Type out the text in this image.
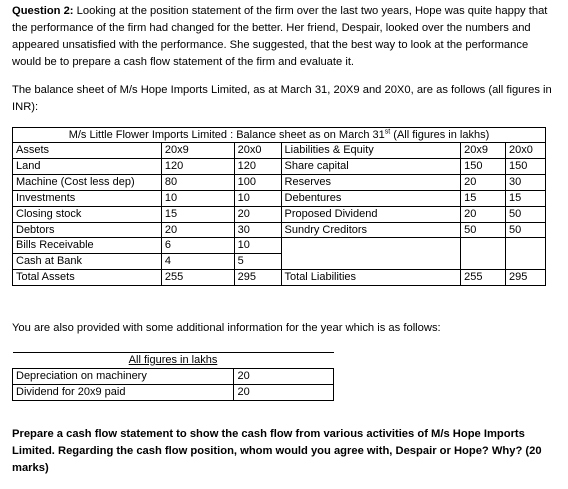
Question 2: Looking at the position statement of the firm over the last two years, Hope was quite happy that the performance of the firm had changed for the better. Her friend, Despair, looked over the numbers and appeared unsatisfied with the performance. She suggested, that the best way to look at the performance would be to prepare a cash flow statement of the firm and evaluate it.

The balance sheet of M/s Hope Imports Limited, as at March 31, 20X9 and 20X0, are as follows (all figures in INR):

M/s Little Flower Imports Limited : Balance sheet as on March 31st (All figures in lakhs)					
Assets	20x9	20x0	Liabilities & Equity	20x9	20x0
Land	120	120	Share capital	150	150
Machine (Cost less dep)	80	100	Reserves	20	30
Investments	10	10	Debentures	15	15
Closing stock	15	20	Proposed Dividend	20	50
Debtors	20	30	Sundry Creditors	50	50
Bills Receivable	6	10			
Cash at Bank	4	5			
Total Assets	255	295	Total Liabilities	255	295

You are also provided with some additional information for the year which is as follows:

All figures in lakhs	
Depreciation on machinery	20
Dividend for 20x9 paid	20

Prepare a cash flow statement to show the cash flow from various activities of M/s Hope Imports Limited. Regarding the cash flow position, whom would you agree with, Despair or Hope? Why? (20 marks)
